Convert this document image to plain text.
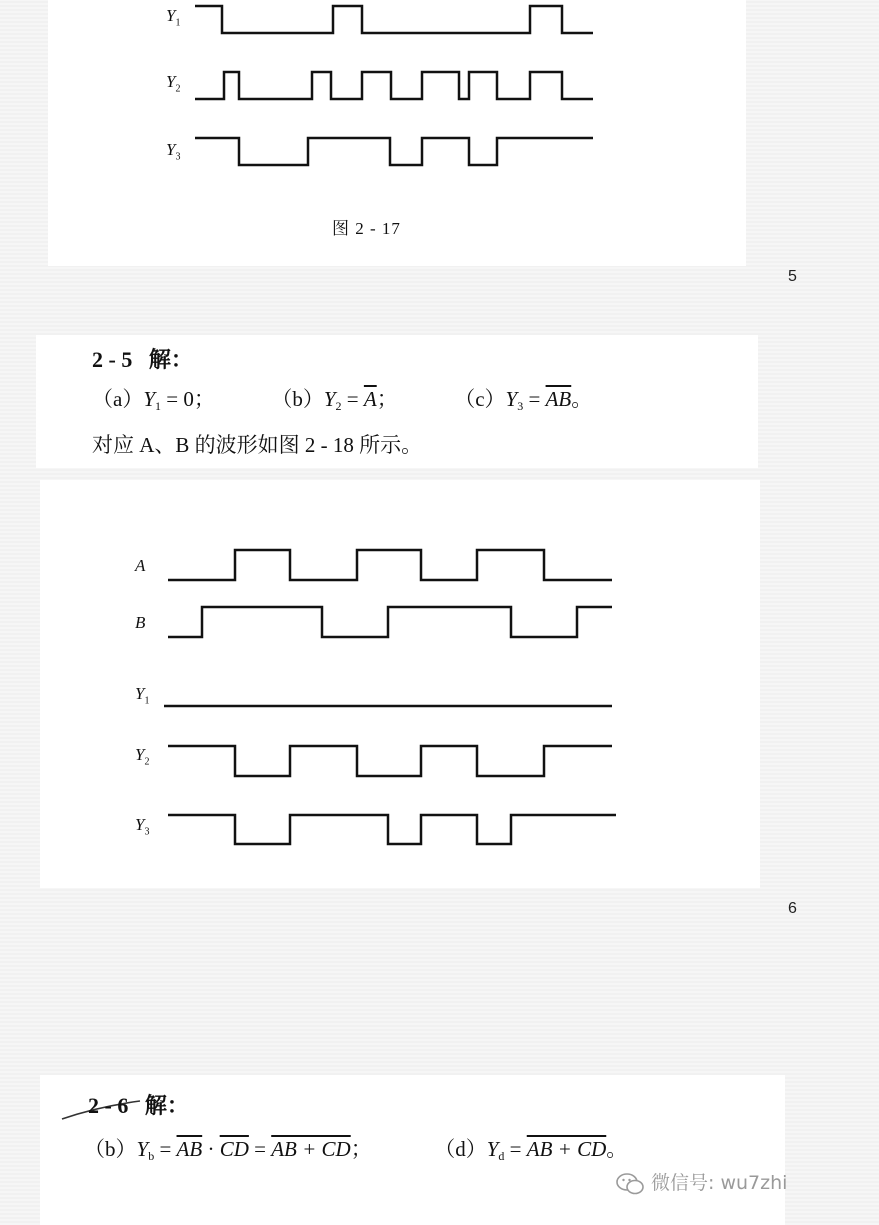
$Y_1$
$Y_2$
$Y_3$
图 2 - 17
5
2 - 5 解：
$(a)Y_1 = 0$；	$(b)Y_2 = \overline{A}$；	$(c)Y_3 = \overline{AB}$。
对应 A、B 的波形如图 2 - 18 所示。
A
B
$Y_1$
$Y_2$
$Y_3$
6
2 - 6 解：
$(b)Y_b = \overline{AB} \cdot \overline{CD}$ = AB + CD；	$(d)Y_d$ = AB + CD。
微信号: wu7zhi
